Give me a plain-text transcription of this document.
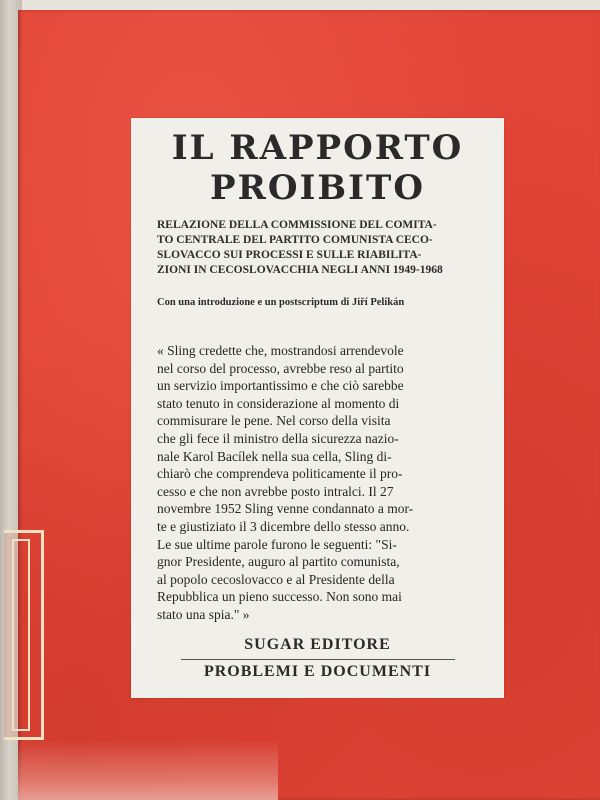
IL RAPPORTO
PROIBITO
RELAZIONE DELLA COMMISSIONE DEL COMITA-
TO CENTRALE DEL PARTITO COMUNISTA CECO-
SLOVACCO SUI PROCESSI E SULLE RIABILITA-
ZIONI IN CECOSLOVACCHIA NEGLI ANNI 1949-1968
Con una introduzione e un postscriptum di Jiří Pelikán
« Sling credette che, mostrandosi arrendevole
nel corso del processo, avrebbe reso al partito
un servizio importantissimo e che ciò sarebbe
stato tenuto in considerazione al momento di
commisurare le pene. Nel corso della visita
che gli fece il ministro della sicurezza nazio-
nale Karol Bacílek nella sua cella, Sling di-
chiarò che comprendeva politicamente il pro-
cesso e che non avrebbe posto intralci. Il 27
novembre 1952 Sling venne condannato a mor-
te e giustiziato il 3 dicembre dello stesso anno.
Le sue ultime parole furono le seguenti: "Si-
gnor Presidente, auguro al partito comunista,
al popolo cecoslovacco e al Presidente della
Repubblica un pieno successo. Non sono mai
stato una spia." »
SUGAR EDITORE
PROBLEMI E DOCUMENTI
